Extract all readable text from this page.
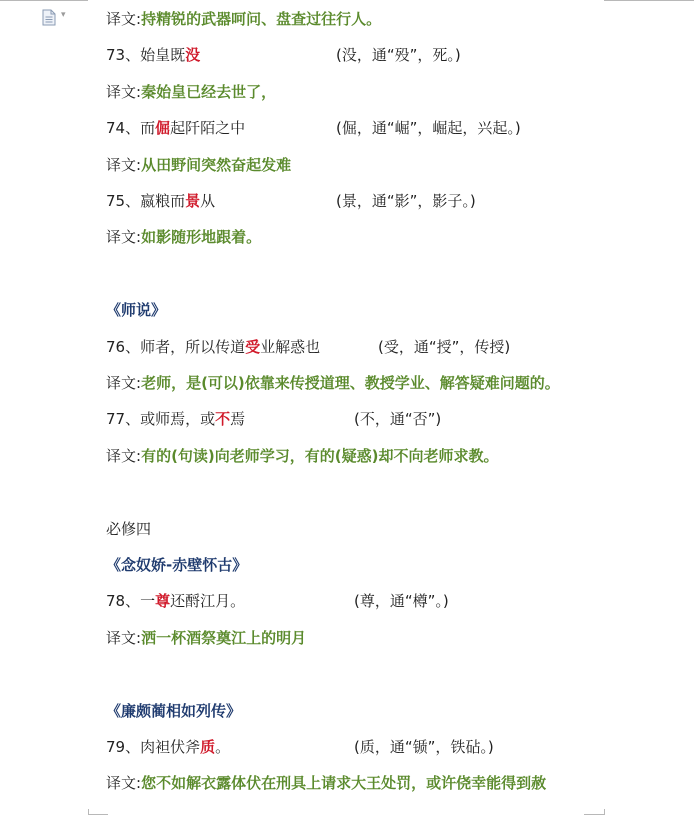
▾	译文:持精锐的武器呵问、盘查过往行人。
73、始皇既没	(没，通“殁”，死。)
译文:秦始皇已经去世了，
74、而倔起阡陌之中	(倔，通“崛”，崛起，兴起。)
译文:从田野间突然奋起发难
75、嬴粮而景从	(景，通“影”，影子。)
译文:如影随形地跟着。
《师说》
76、师者，所以传道受业解惑也	(受，通“授”，传授)
译文:老师，是(可以)依靠来传授道理、教授学业、解答疑难问题的。
77、或师焉，或不焉	(不，通“否”)
译文:有的(句读)向老师学习，有的(疑惑)却不向老师求教。
必修四
《念奴娇-赤壁怀古》
78、一尊还酹江月。	(尊，通“樽”。)
译文:洒一杯酒祭奠江上的明月
《廉颇蔺相如列传》
79、肉袒伏斧质。	(质，通“锧”，铁砧。)
译文:您不如解衣露体伏在刑具上请求大王处罚，或许侥幸能得到赦
